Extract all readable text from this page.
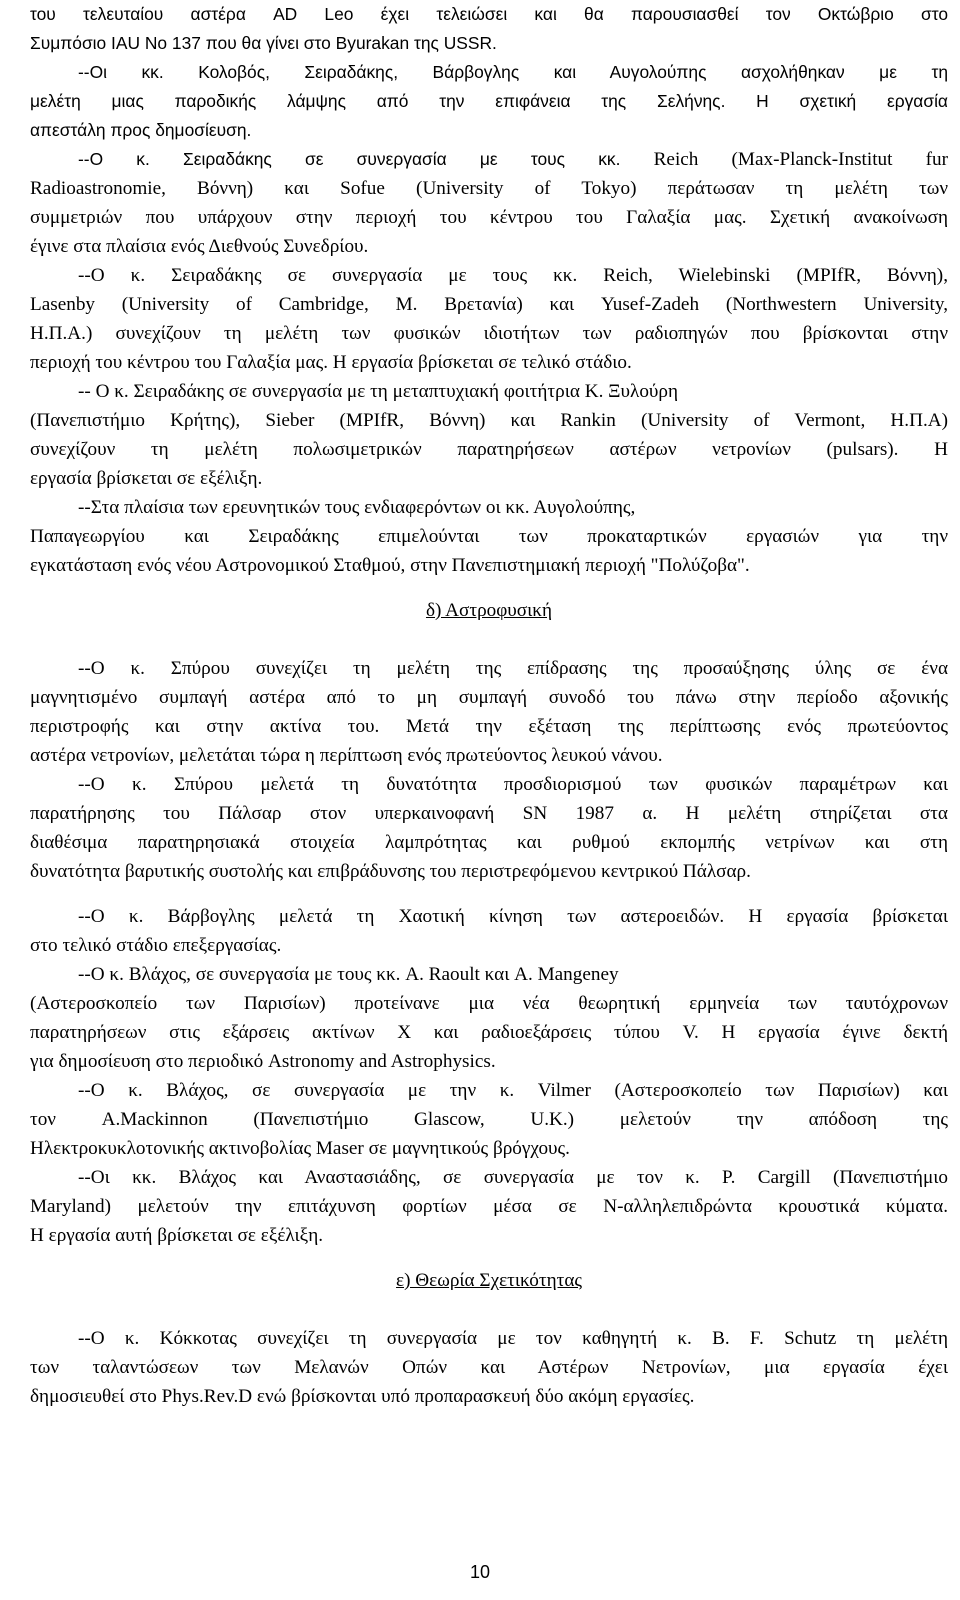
του τελευταίου αστέρα AD Leo έχει τελειώσει και θα παρουσιασθεί τον Οκτώβριο στο
Συμπόσιο IAU No 137 που θα γίνει στο Byurakan της USSR.
--Οι κκ. Κολοβός, Σειραδάκης, Βάρβογλης και Αυγολούπης ασχολήθηκαν με τη
μελέτη μιας παροδικής λάμψης από την επιφάνεια της Σελήνης. Η σχετική εργασία
απεστάλη προς δημοσίευση.
--Ο κ. Σειραδάκης σε συνεργασία με τους κκ. Reich (Max-Planck-Institut fur
Radioastronomie, Βόννη) και Sofue (University of Tokyo) περάτωσαν τη μελέτη των
συμμετριών που υπάρχουν στην περιοχή του κέντρου του Γαλαξία μας. Σχετική ανακοίνωση
έγινε στα πλαίσια ενός Διεθνούς Συνεδρίου.
--Ο κ. Σειραδάκης σε συνεργασία με τους κκ. Reich, Wielebinski (MPIfR, Βόννη),
Lasenby (University of Cambridge, Μ. Βρετανία) και Yusef-Zadeh (Northwestern University,
Η.Π.Α.) συνεχίζουν τη μελέτη των φυσικών ιδιοτήτων των ραδιοπηγών που βρίσκονται στην
περιοχή του κέντρου του Γαλαξία μας. Η εργασία βρίσκεται σε τελικό στάδιο.
-- Ο κ. Σειραδάκης σε συνεργασία με τη μεταπτυχιακή φοιτήτρια Κ. Ξυλούρη
(Πανεπιστήμιο Κρήτης), Sieber (MPIfR, Βόννη) και Rankin (University of Vermont, Η.Π.Α)
συνεχίζουν τη μελέτη πολωσιμετρικών παρατηρήσεων αστέρων νετρονίων (pulsars). Η
εργασία βρίσκεται σε εξέλιξη.
--Στα πλαίσια των ερευνητικών τους ενδιαφερόντων οι κκ. Αυγολούπης,
Παπαγεωργίου και Σειραδάκης επιμελούνται των προκαταρτικών εργασιών για την
εγκατάσταση ενός νέου Αστρονομικού Σταθμού, στην Πανεπιστημιακή περιοχή "Πολύζοβα".
δ) Αστροφυσική
--Ο κ. Σπύρου συνεχίζει τη μελέτη της επίδρασης της προσαύξησης ύλης σε ένα
μαγνητισμένο συμπαγή αστέρα από το μη συμπαγή συνοδό του πάνω στην περίοδο αξονικής
περιστροφής και στην ακτίνα του. Μετά την εξέταση της περίπτωσης ενός πρωτεύοντος
αστέρα νετρονίων, μελετάται τώρα η περίπτωση ενός πρωτεύοντος λευκού νάνου.
--Ο κ. Σπύρου μελετά τη δυνατότητα προσδιορισμού των φυσικών παραμέτρων και
παρατήρησης του Πάλσαρ στον υπερκαινοφανή SN 1987 α. Η μελέτη στηρίζεται στα
διαθέσιμα παρατηρησιακά στοιχεία λαμπρότητας και ρυθμού εκπομπής νετρίνων και στη
δυνατότητα βαρυτικής συστολής και επιβράδυνσης του περιστρεφόμενου κεντρικού Πάλσαρ.
--Ο κ. Βάρβογλης μελετά τη Χαοτική κίνηση των αστεροειδών. Η εργασία βρίσκεται
στο τελικό στάδιο επεξεργασίας.
--Ο κ. Βλάχος, σε συνεργασία με τους κκ. A. Raoult και A. Mangeney
(Αστεροσκοπείο των Παρισίων) προτείνανε μια νέα θεωρητική ερμηνεία των ταυτόχρονων
παρατηρήσεων στις εξάρσεις ακτίνων Χ και ραδιοεξάρσεις τύπου V. Η εργασία έγινε δεκτή
για δημοσίευση στο περιοδικό Astronomy and Astrophysics.
--Ο κ. Βλάχος, σε συνεργασία με την κ. Vilmer (Αστεροσκοπείο των Παρισίων) και
τον A.Mackinnon (Πανεπιστήμιο Glascow, U.K.) μελετούν την απόδοση της
Ηλεκτροκυκλοτονικής ακτινοβολίας Maser σε μαγνητικούς βρόγχους.
--Οι κκ. Βλάχος και Αναστασιάδης, σε συνεργασία με τον κ. P. Cargill (Πανεπιστήμιο
Maryland) μελετούν την επιτάχυνση φορτίων μέσα σε N-αλληλεπιδρώντα κρουστικά κύματα.
Η εργασία αυτή βρίσκεται σε εξέλιξη.
ε) Θεωρία Σχετικότητας
--Ο κ. Κόκκοτας συνεχίζει τη συνεργασία με τον καθηγητή κ. B. F. Schutz τη μελέτη
των ταλαντώσεων των Μελανών Οπών και Αστέρων Νετρονίων, μια εργασία έχει
δημοσιευθεί στο Phys.Rev.D ενώ βρίσκονται υπό προπαρασκευή δύο ακόμη εργασίες.
10
